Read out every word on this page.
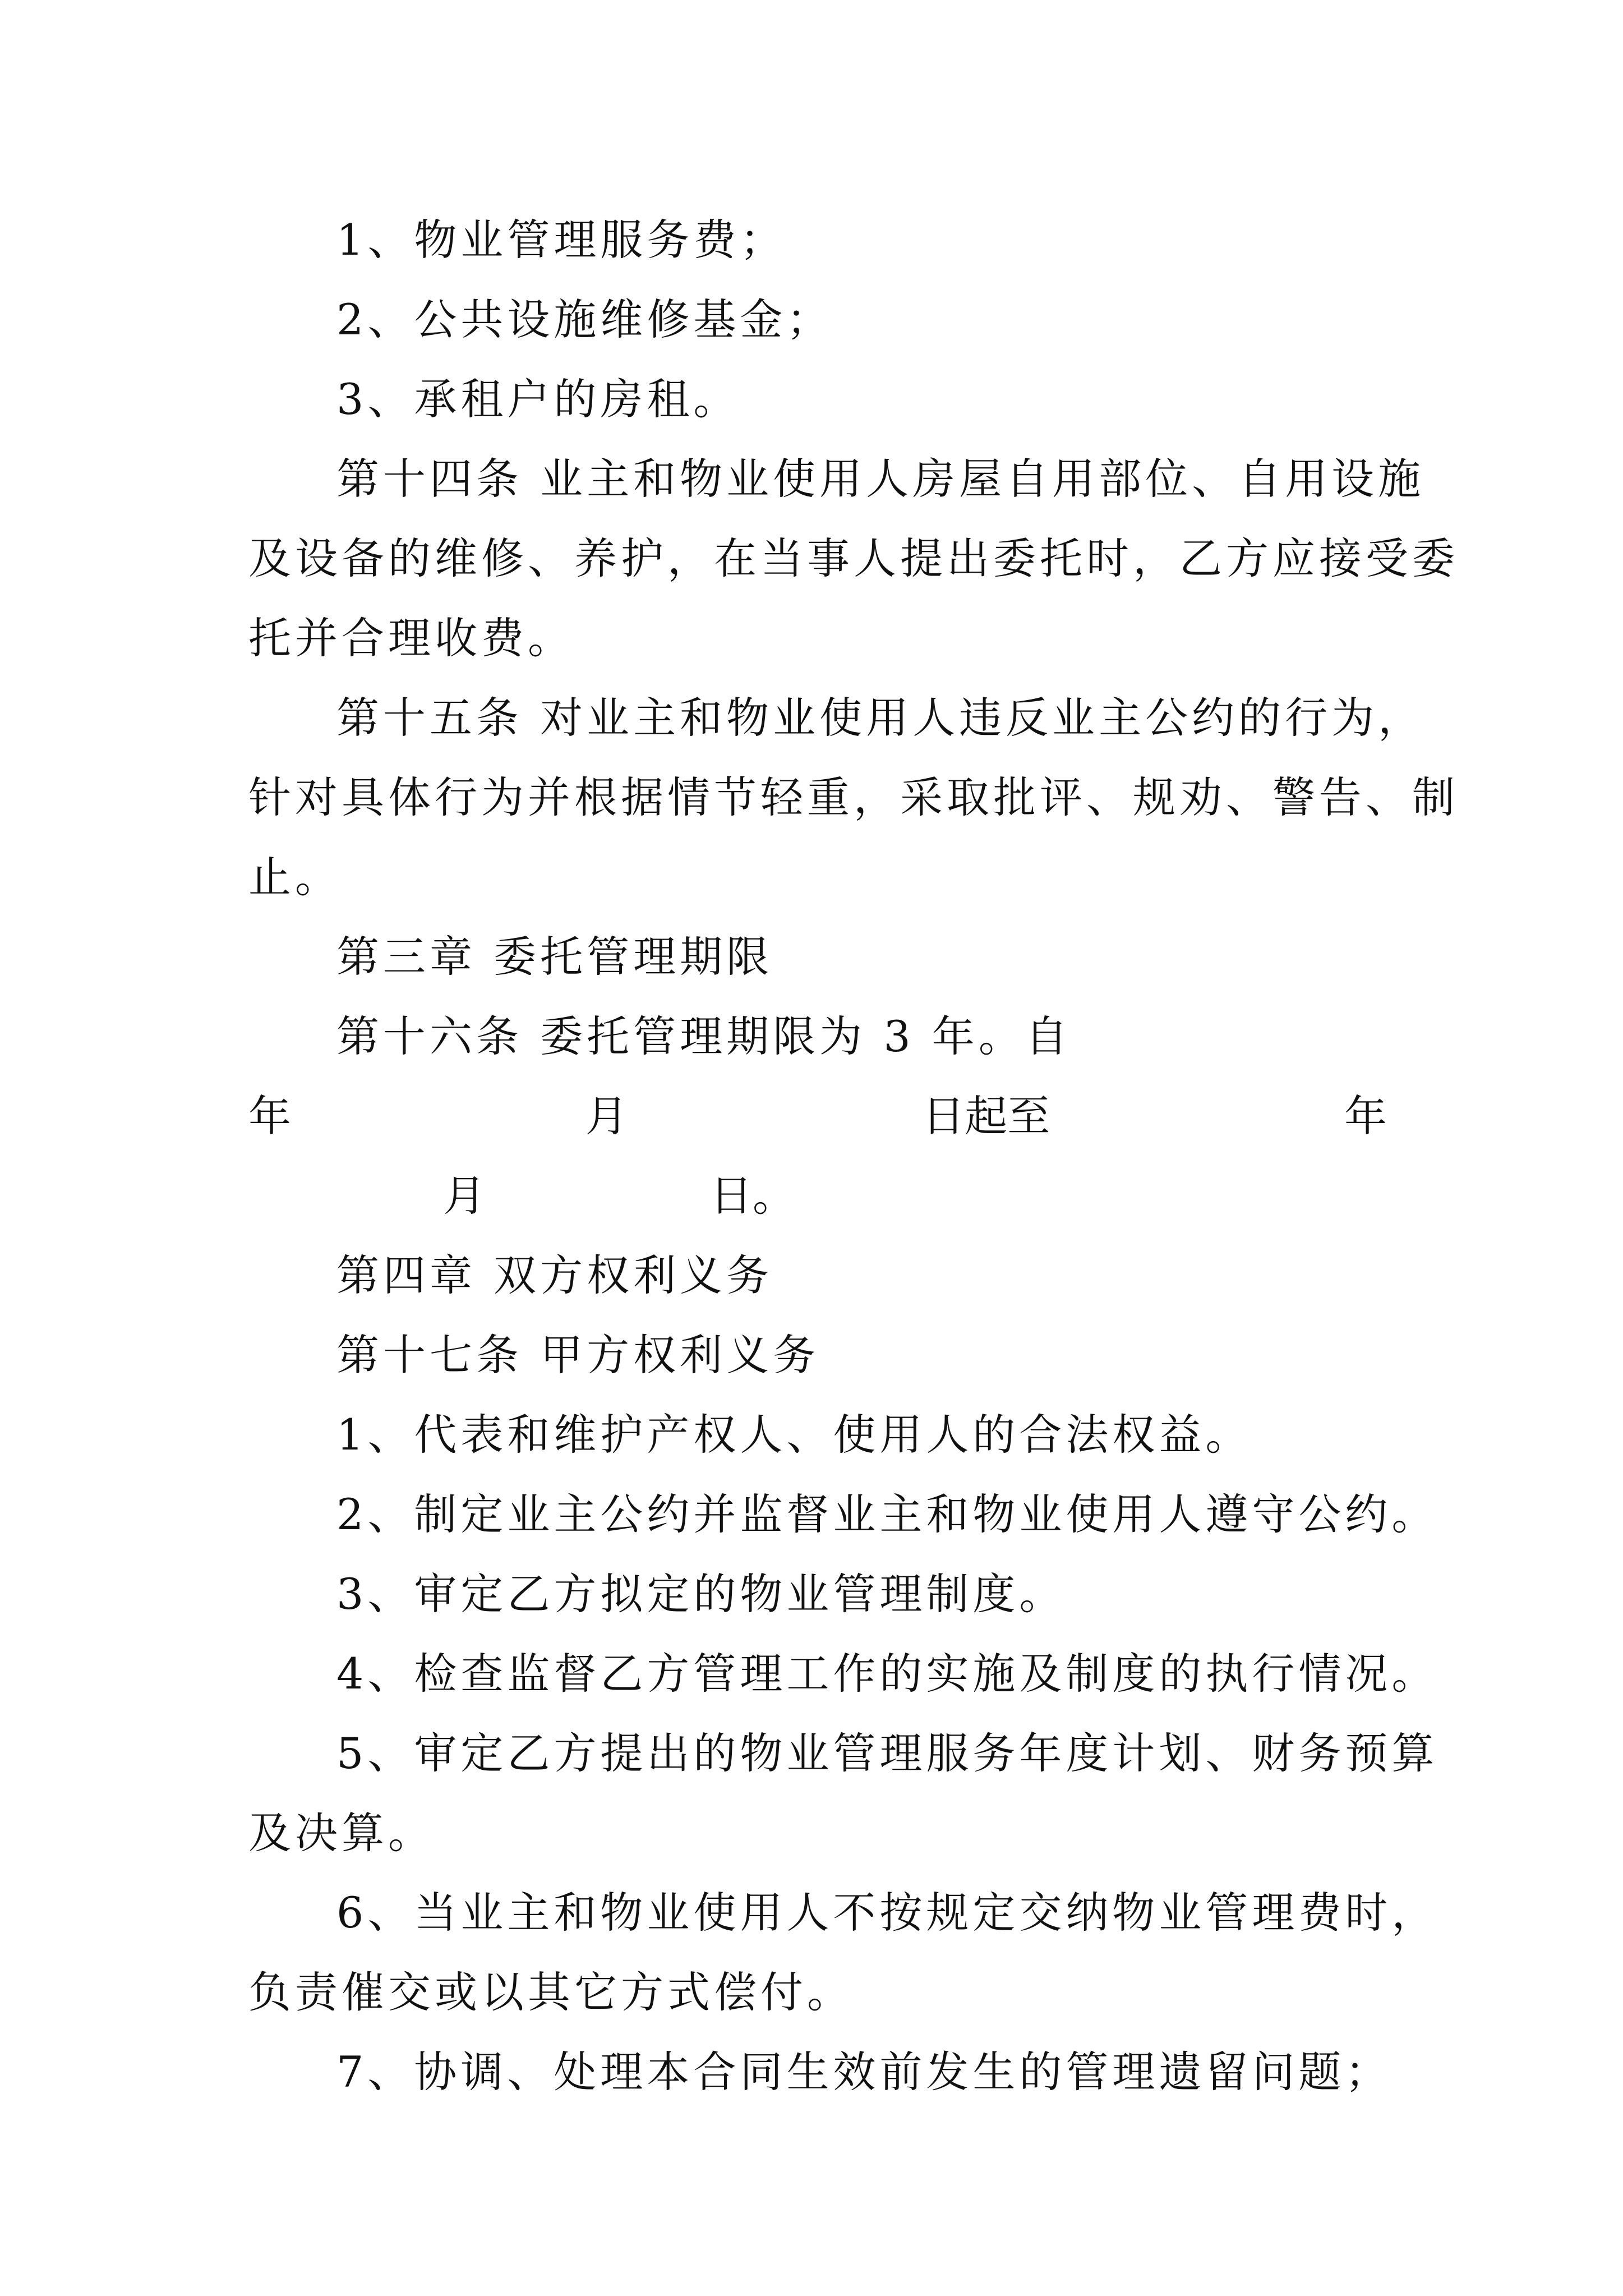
1、物业管理服务费；
2、公共设施维修基金；
3、承租户的房租。
第十四条 业主和物业使用人房屋自用部位、自用设施
及设备的维修、养护，在当事人提出委托时，乙方应接受委
托并合理收费。
第十五条 对业主和物业使用人违反业主公约的行为，
针对具体行为并根据情节轻重，采取批评、规劝、警告、制
止。
第三章 委托管理期限
第十六条 委托管理期限为 3 年。自
年	月	日起至	年
月	日。
第四章 双方权利义务
第十七条 甲方权利义务
1、代表和维护产权人、使用人的合法权益。
2、制定业主公约并监督业主和物业使用人遵守公约。
3、审定乙方拟定的物业管理制度。
4、检查监督乙方管理工作的实施及制度的执行情况。
5、审定乙方提出的物业管理服务年度计划、财务预算
及决算。
6、当业主和物业使用人不按规定交纳物业管理费时，
负责催交或以其它方式偿付。
7、协调、处理本合同生效前发生的管理遗留问题；
